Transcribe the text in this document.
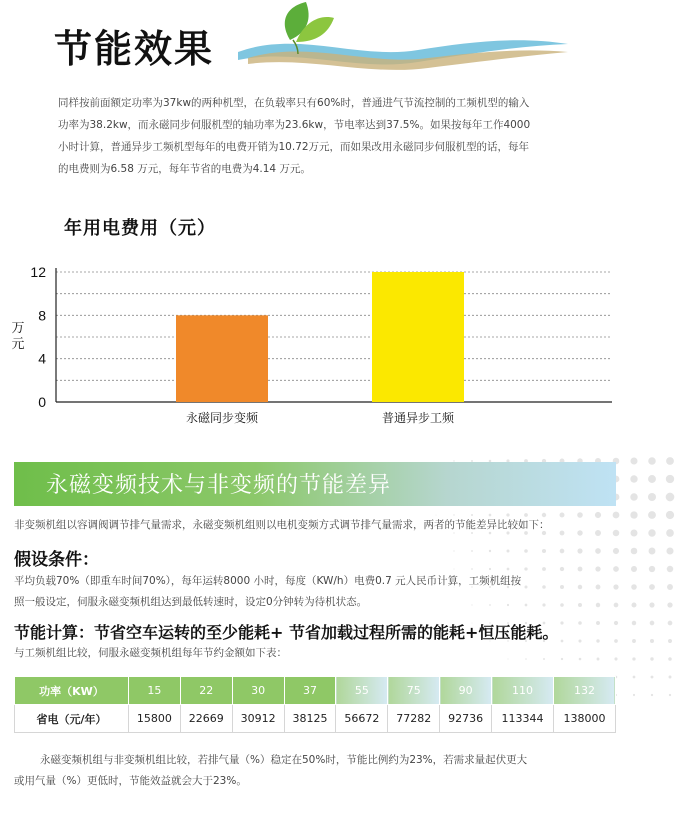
节能效果
同样按前面额定功率为37kw的两种机型，在负载率只有60%时，普通进气节流控制的工频机型的输入
功率为38.2kw，而永磁同步伺服机型的轴功率为23.6kw，节电率达到37.5%。如果按每年工作4000
小时计算，普通异步工频机型每年的电费开销为10.72万元，而如果改用永磁同步伺服机型的话，每年
的电费则为6.58 万元，每年节省的电费为4.14 万元。
年用电费用（元）
0
4
8
12
万
元
永磁同步变频	普通异步工频
永磁变频技术与非变频的节能差异
非变频机组以容调阀调节排气量需求，永磁变频机组则以电机变频方式调节排气量需求，两者的节能差异比较如下：
假设条件：
平均负载70%（即重车时间70%），每年运转8000 小时，每度（KW/h）电费0.7 元人民币计算，工频机组按
照一般设定，伺服永磁变频机组达到最低转速时，设定0分钟转为待机状态。
节能计算：节省空车运转的至少能耗+ 节省加载过程所需的能耗+恒压能耗。
与工频机组比较，伺服永磁变频机组每年节约金额如下表：
功率（KW）	15	22	30	37	55	75	90	110	132
省电（元/年）	15800	22669	30912	38125	56672	77282	92736	113344	138000
永磁变频机组与非变频机组比较，若排气量（%）稳定在50%时，节能比例约为23%，若需求量起伏更大
或用气量（%）更低时，节能效益就会大于23%。
